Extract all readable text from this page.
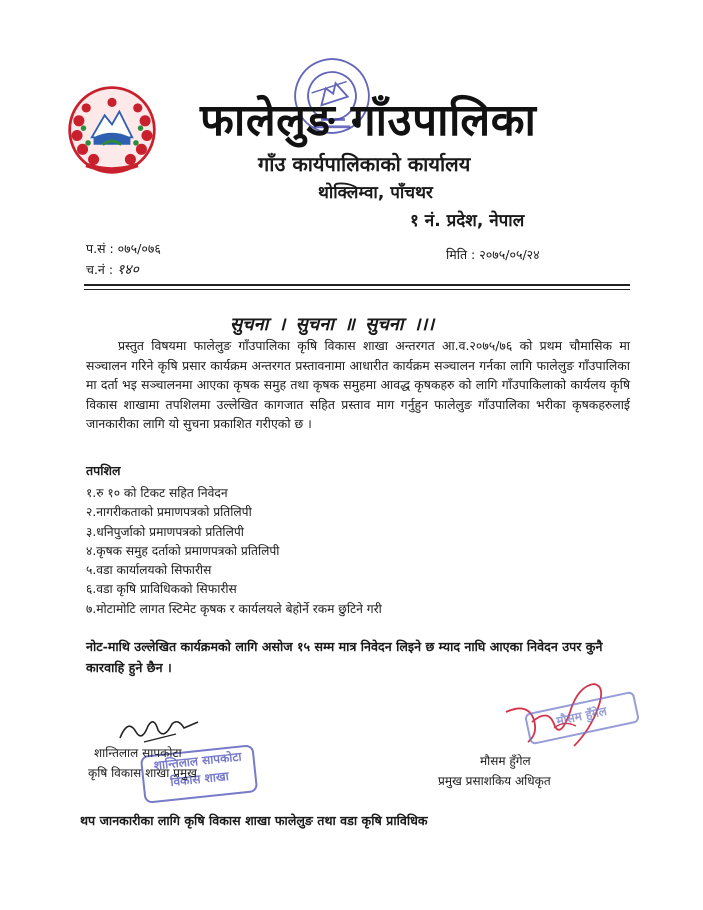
फालेलुङ गाँउपालिका
गाँउ कार्यपालिकाको कार्यालय
थोक्लिम्वा, पाँचथर
१ नं. प्रदेश, नेपाल
प.सं : ०७५/०७६
च.नं : १४०
मिति : २०७५/०५/२४
सुचना । सुचना ॥ सुचना ।।।
प्रस्तुत विषयमा फालेलुङ गाँउपालिका कृषि विकास शाखा अन्तरगत आ.व.२०७५/७६ को प्रथम चौमासिक मा सञ्चालन गरिने कृषि प्रसार कार्यक्रम अन्तरगत प्रस्तावनामा आधारीत कार्यक्रम सञ्चालन गर्नका लागि फालेलुङ गाँउपालिका मा दर्ता भइ सञ्चालनमा आएका कृषक समुह तथा कृषक समुहमा आवद्ध कृषकहरु को लागि गाँउपाकिलाको कार्यलय कृषि विकास शाखामा तपशिलमा उल्लेखित कागजात सहित प्रस्ताव माग गर्नुहुन फालेलुङ गाँउपालिका भरीका कृषकहरुलाई जानकारीका लागि यो सुचना प्रकाशित गरीएको छ ।
तपशिल
१.रु १० को टिकट सहित निवेदन
२.नागरीकताको प्रमाणपत्रको प्रतिलिपी
३.धनिपुर्जाको प्रमाणपत्रको प्रतिलिपी
४.कृषक समुह दर्ताको प्रमाणपत्रको प्रतिलिपी
५.वडा कार्यालयको सिफारीस
६.वडा कृषि प्राविधिकको सिफारीस
७.मोटामोटि लागत स्टिमेट कृषक र कार्यलयले बेहोर्ने रकम छुटिने गरी
नोट-माथि उल्लेखित कार्यक्रमको लागि असोज १५ सम्म मात्र निवेदन लिइने छ म्याद नाघि आएका निवेदन उपर कुनै कारवाहि हुने छैन ।
शान्तिलाल सापकोटा
विकास शाखा
शान्तिलाल सापकोटा
कृषि विकास शाखा प्रमुख
मौसम हुँगेल
मौसम हुँगेल
प्रमुख प्रसाशकिय अधिकृत
थप जानकारीका लागि कृषि विकास शाखा फालेलुङ तथा वडा कृषि प्राविधिक
